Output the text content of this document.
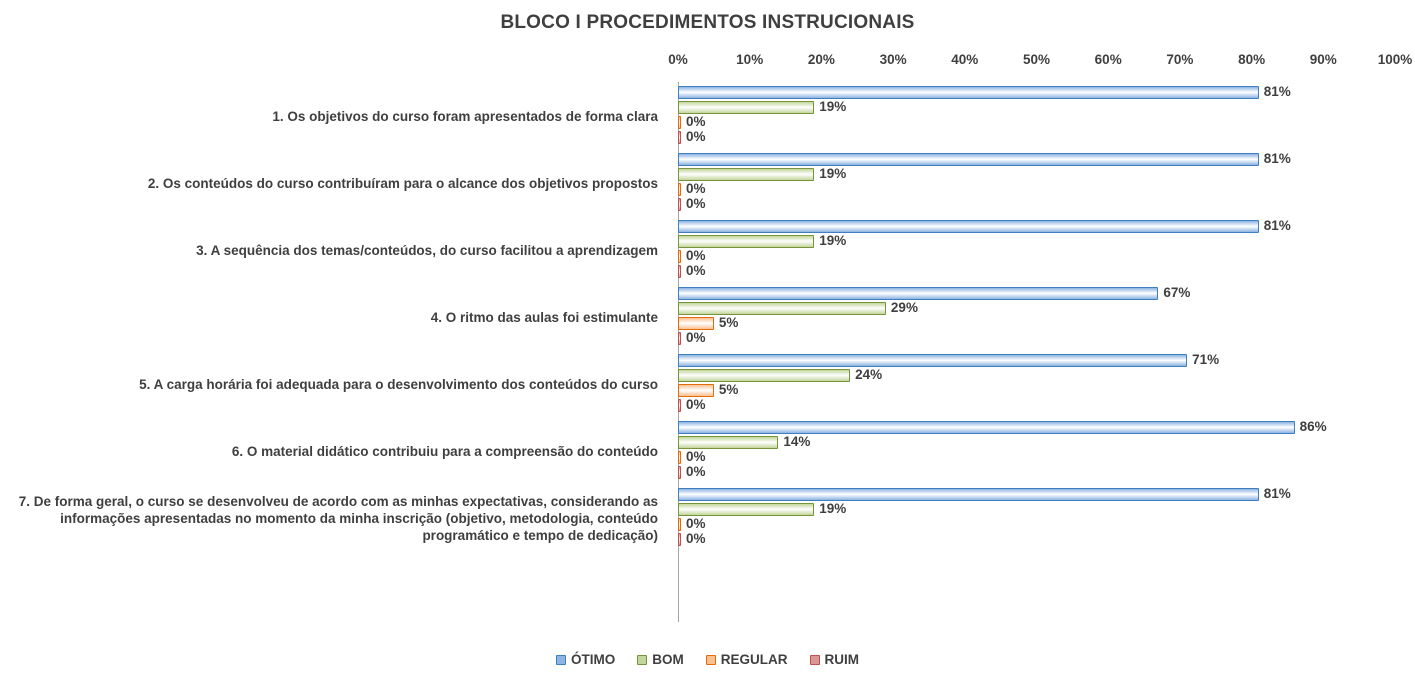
BLOCO I PROCEDIMENTOS INSTRUCIONAIS
0%	10%	20%	30%	40%	50%	60%	70%	80%	90%	100%
1. Os objetivos do curso foram apresentados de forma clara
81%
19%
0%
0%
2. Os conteúdos do curso contribuíram para o alcance dos objetivos propostos
81%
19%
0%
0%
3. A sequência dos temas/conteúdos, do curso facilitou a aprendizagem
81%
19%
0%
0%
4. O ritmo das aulas foi estimulante
67%
29%
5%
0%
5. A carga horária foi adequada para o desenvolvimento dos conteúdos do curso
71%
24%
5%
0%
6. O material didático contribuiu para a compreensão do conteúdo
86%
14%
0%
0%
7. De forma geral, o curso se desenvolveu de acordo com as minhas expectativas, considerando as informações apresentadas no momento da minha inscrição (objetivo, metodologia, conteúdo programático e tempo de dedicação)
81%
19%
0%
0%
ÓTIMO	BOM	REGULAR	RUIM
